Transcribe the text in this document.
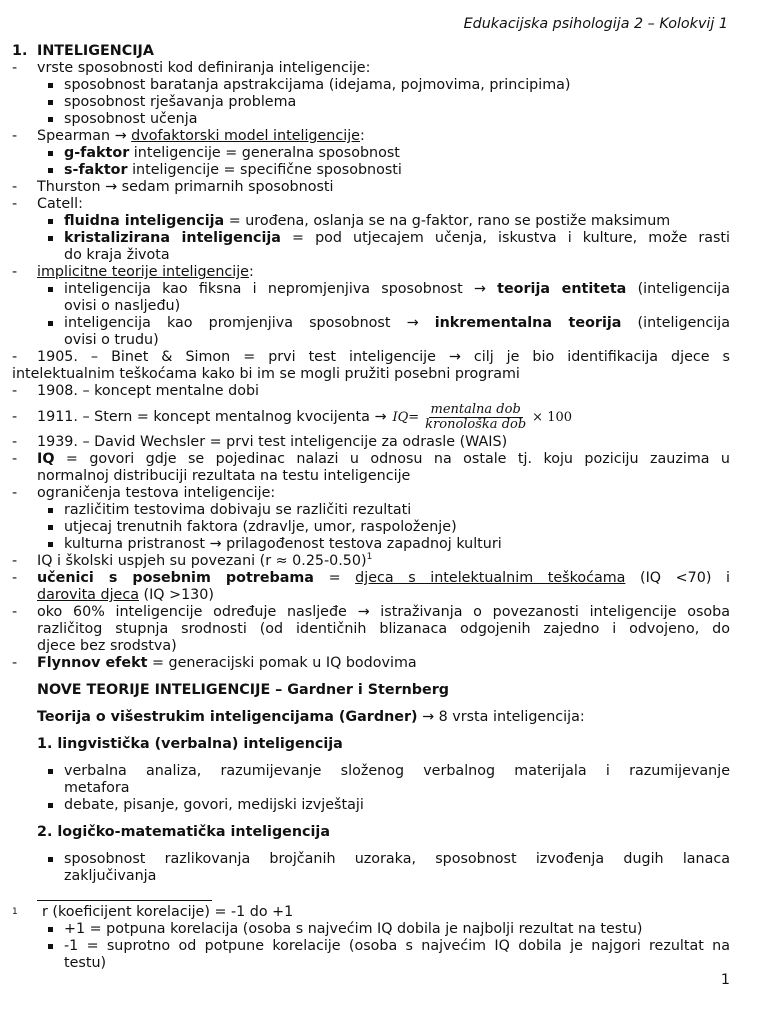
Edukacijska psihologija 2 – Kolokvij 1
1. INTELIGENCIJA
- vrste sposobnosti kod definiranja inteligencije:
sposobnost baratanja apstrakcijama (idejama, pojmovima, principima)
sposobnost rješavanja problema
sposobnost učenja
- Spearman → dvofaktorski model inteligencije:
g-faktor inteligencije = generalna sposobnost
s-faktor inteligencije = specifične sposobnosti
- Thurston → sedam primarnih sposobnosti
- Catell:
fluidna inteligencija = urođena, oslanja se na g-faktor, rano se postiže maksimum
kristalizirana inteligencija = pod utjecajem učenja, iskustva i kulture, može rasti
do kraja života
- implicitne teorije inteligencije:
inteligencija kao fiksna i nepromjenjiva sposobnost → teorija entiteta (inteligencija
ovisi o nasljeđu)
inteligencija kao promjenjiva sposobnost → inkrementalna teorija (inteligencija
ovisi o trudu)
- 1905. – Binet & Simon = prvi test inteligencije → cilj je bio identifikacija djece s
intelektualnim teškoćama kako bi im se mogli pružiti posebni programi
- 1908. – koncept mentalne dobi
- 1911. – Stern = koncept mentalnog kvocijenta → IQ = $\frac{\text{mentalna dob}}{\text{kronološka dob}} \times 100$
- 1939. – David Wechsler = prvi test inteligencije za odrasle (WAIS)
- IQ = govori gdje se pojedinac nalazi u odnosu na ostale tj. koju poziciju zauzima u
normalnoj distribuciji rezultata na testu inteligencije
- ograničenja testova inteligencije:
različitim testovima dobivaju se različiti rezultati
utjecaj trenutnih faktora (zdravlje, umor, raspoloženje)
kulturna pristranost → prilagođenost testova zapadnoj kulturi
- IQ i školski uspjeh su povezani (r ≈ 0.25-0.50)$^1$
- učenici s posebnim potrebama = djeca s intelektualnim teškoćama (IQ <70) i
darovita djeca (IQ >130)
- oko 60% inteligencije određuje nasljeđe → istraživanja o povezanosti inteligencije osoba
različitog stupnja srodnosti (od identičnih blizanaca odgojenih zajedno i odvojeno, do
djece bez srodstva)
- Flynnov efekt = generacijski pomak u IQ bodovima
NOVE TEORIJE INTELIGENCIJE – Gardner i Sternberg
Teorija o višestrukim inteligencijama (Gardner) → 8 vrsta inteligencija:
1. lingvistička (verbalna) inteligencija
verbalna analiza, razumijevanje složenog verbalnog materijala i razumijevanje
metafora
debate, pisanje, govori, medijski izvještaji
2. logičko-matematička inteligencija
sposobnost razlikovanja brojčanih uzoraka, sposobnost izvođenja dugih lanaca
zaključivanja
1	r (koeficijent korelacije) = -1 do +1
+1 = potpuna korelacija (osoba s najvećim IQ dobila je najbolji rezultat na testu)
-1 = suprotno od potpune korelacije (osoba s najvećim IQ dobila je najgori rezultat na
testu)
1
